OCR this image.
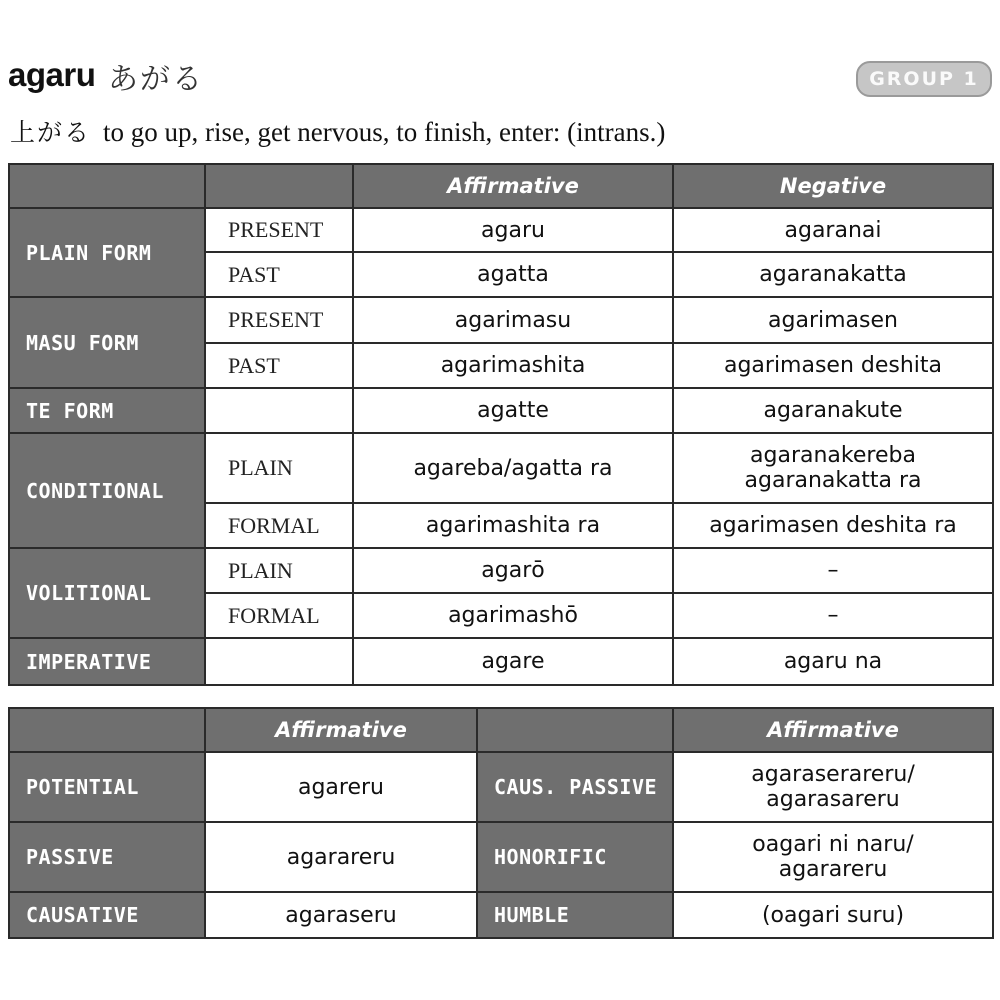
agaru あがる	GROUP 1
上がる to go up, rise, get nervous, to finish, enter: (intrans.)
		Affirmative	Negative
PLAIN FORM	PRESENT	agaru	agaranai
	PAST	agatta	agaranakatta
MASU FORM	PRESENT	agarimasu	agarimasen
	PAST	agarimashita	agarimasen deshita
TE FORM		agatte	agaranakute
CONDITIONAL	PLAIN	agareba/agatta ra	agaranakereba
agaranakatta ra

	FORMAL	agarimashita ra	agarimasen deshita ra
VOLITIONAL	PLAIN	agarō	–
	FORMAL	agarimashō	–
IMPERATIVE		agare	agaru na
	Affirmative		Affirmative
POTENTIAL	agareru	CAUS. PASSIVE	agaraserareru/
agarasareru

PASSIVE	agarareru	HONORIFIC	oagari ni naru/
agarareru

CAUSATIVE	agaraseru	HUMBLE	(oagari suru)
